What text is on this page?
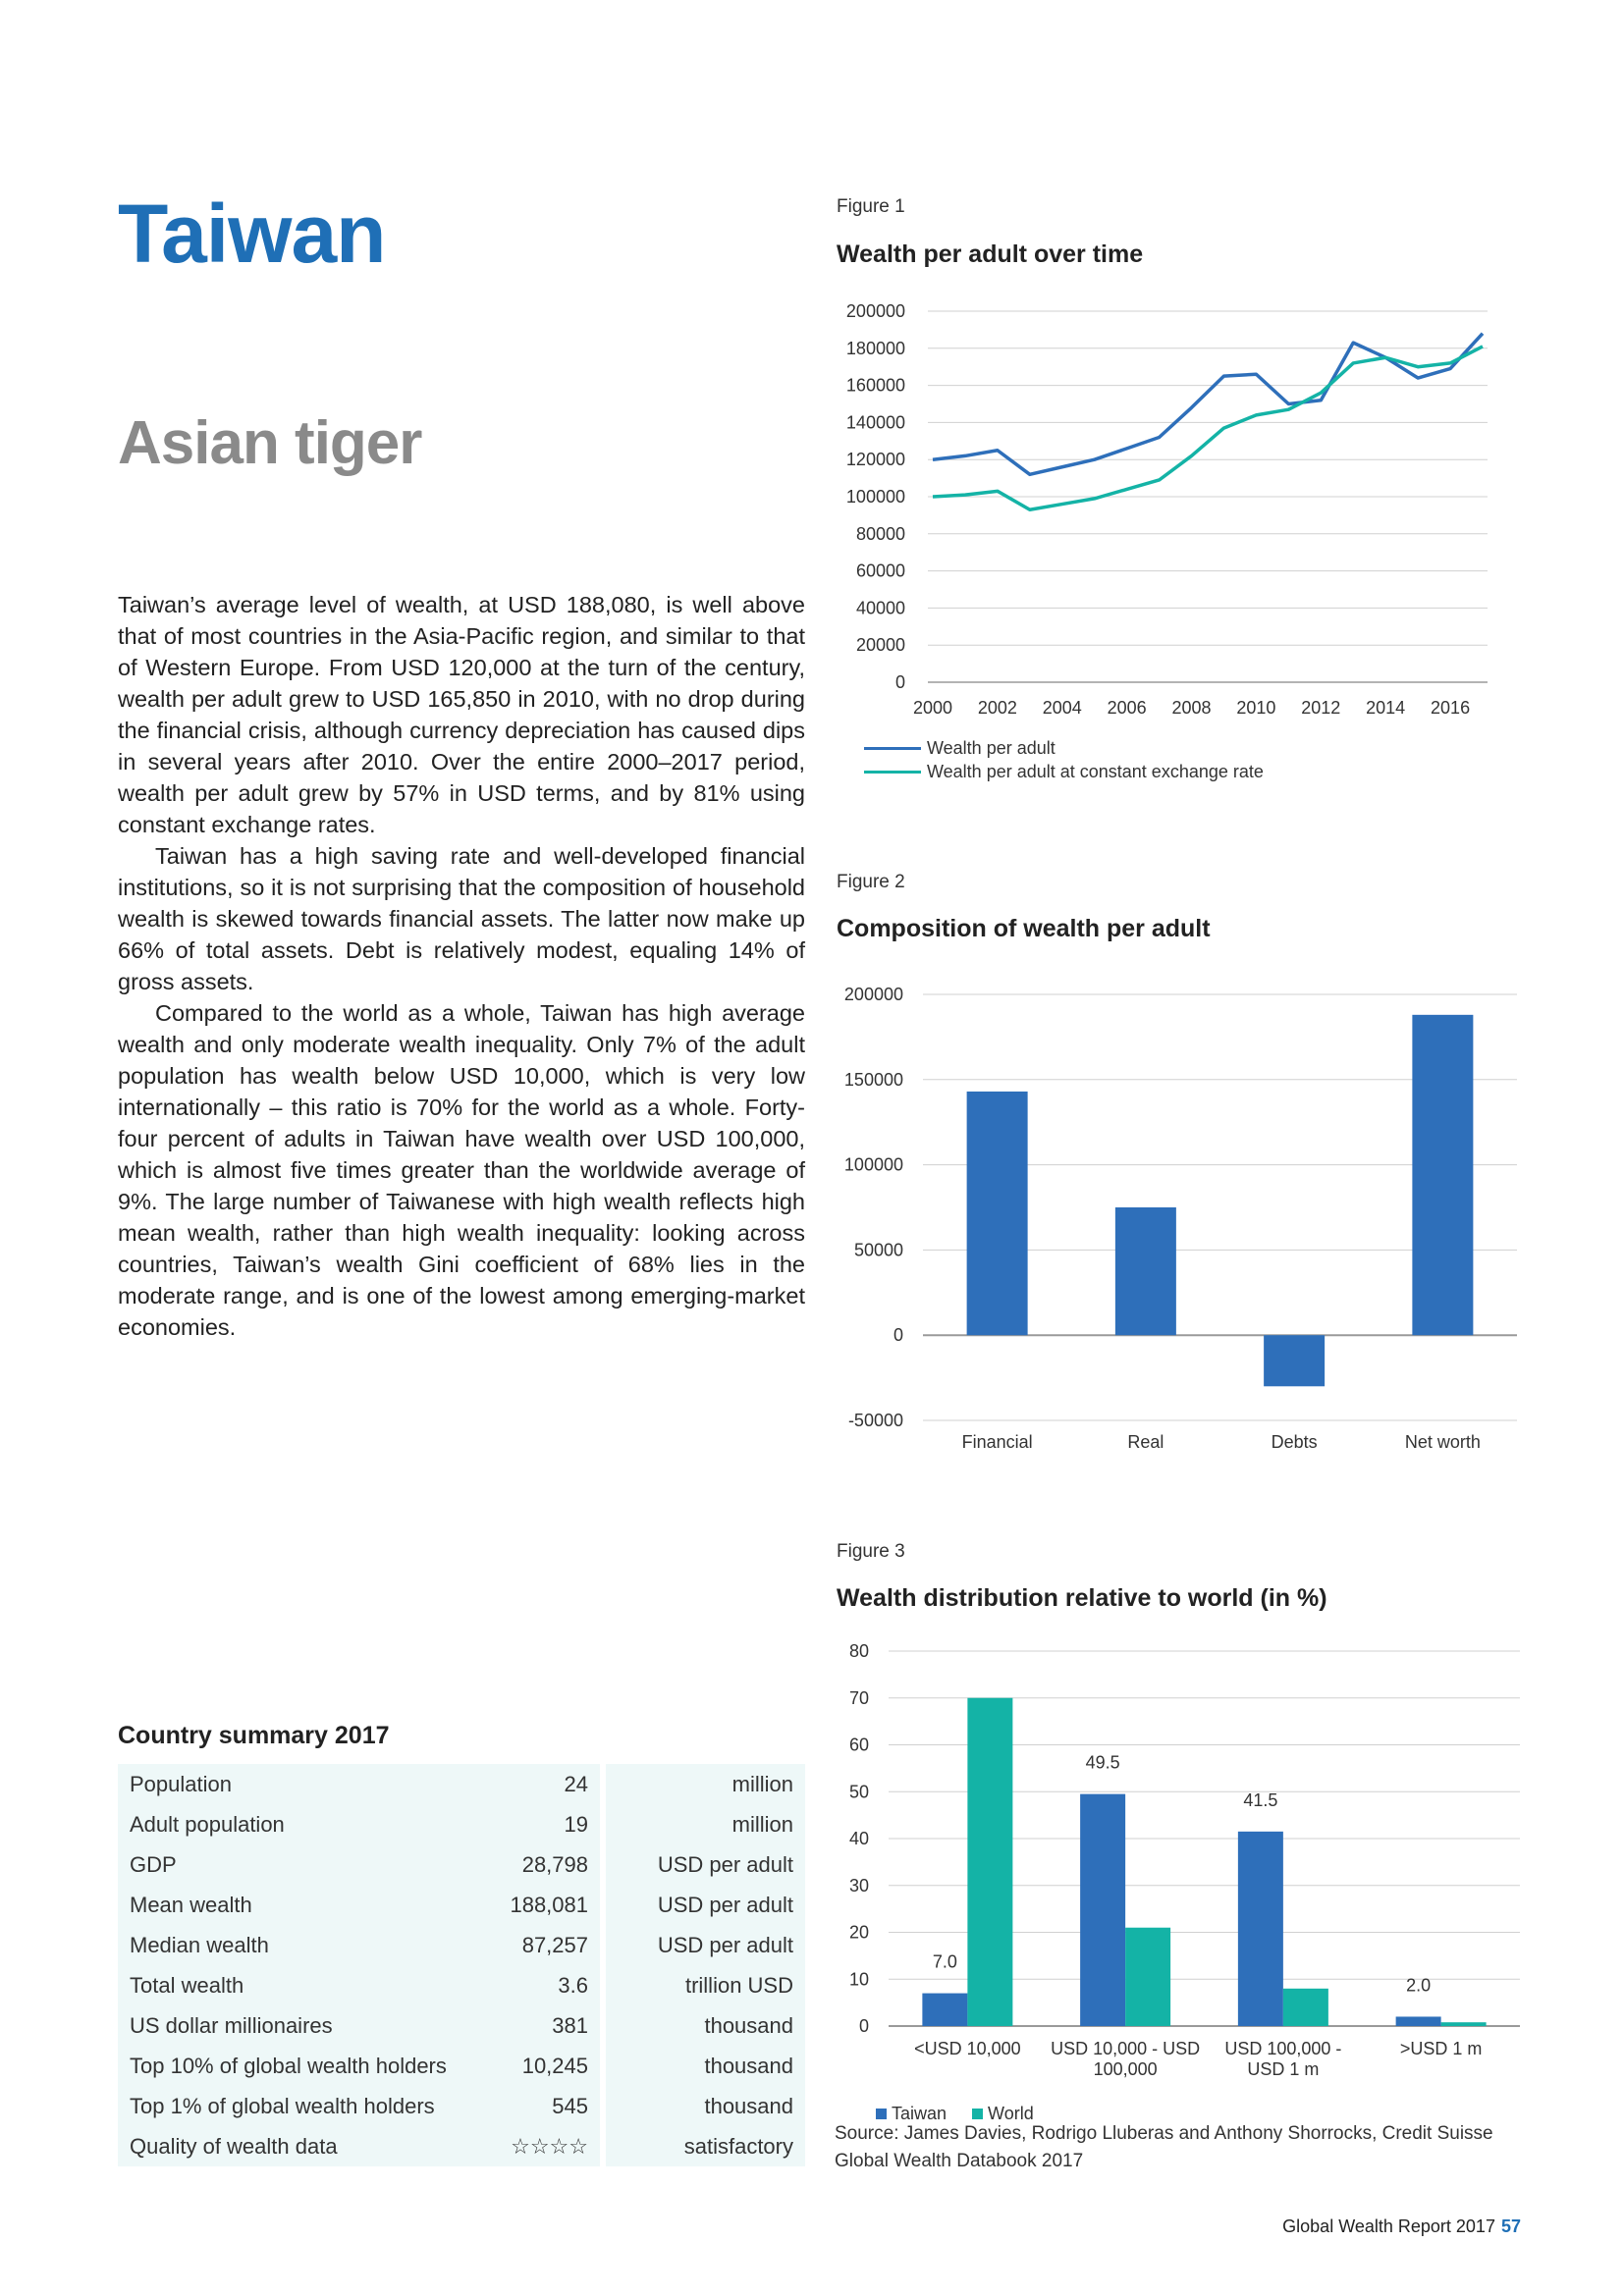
Taiwan
Asian tiger

Taiwan’s average level of wealth, at USD 188,080, is well above that of most countries in the Asia-Pacific region, and similar to that of Western Europe. From USD 120,000 at the turn of the century, wealth per adult grew to USD 165,850 in 2010, with no drop during the financial crisis, although currency depreciation has caused dips in several years after 2010. Over the entire 2000–2017 period, wealth per adult grew by 57% in USD terms, and by 81% using constant exchange rates.

Taiwan has a high saving rate and well-developed financial institutions, so it is not surprising that the composition of household wealth is skewed towards financial assets. The latter now make up 66% of total assets. Debt is relatively modest, equaling 14% of gross assets.

Compared to the world as a whole, Taiwan has high average wealth and only moderate wealth inequality. Only 7% of the adult population has wealth below USD 10,000, which is very low internationally – this ratio is 70% for the world as a whole. Forty-four percent of adults in Taiwan have wealth over USD 100,000, which is almost five times greater than the worldwide average of 9%. The large number of Taiwanese with high wealth reflects high mean wealth, rather than high wealth inequality: looking across countries, Taiwan’s wealth Gini coefficient of 68% lies in the moderate range, and is one of the lowest among emerging-market economies.

Country summary 2017
Population	24		million
Adult population	19		million
GDP	28,798		USD per adult
Mean wealth	188,081		USD per adult
Median wealth	87,257		USD per adult
Total wealth	3.6		trillion USD
US dollar millionaires	381		thousand
Top 10% of global wealth holders	10,245		thousand
Top 1% of global wealth holders	545		thousand
Quality of wealth data	☆☆☆☆		satisfactory
Figure 1
Wealth per adult over time
0
20000
40000
60000
80000
100000
120000
140000
160000
180000
200000
2000 2002 2004 2006 2008 2010 2012 2014 2016
Wealth per adult
Wealth per adult at constant exchange rate
Figure 2
Composition of wealth per adult
-50000
0
50000
100000
150000
200000
Financial	Real	Debts	Net worth
Figure 3
Wealth distribution relative to world (in %)
0
10
20
30
40
50
60
70
80
7.0
<USD 10,000
49.5
USD 10,000 - USD
100,000
41.5
USD 100,000 -
USD 1 m
2.0
>USD 1 m
Taiwan World
Source: James Davies, Rodrigo Lluberas and Anthony Shorrocks, Credit Suisse Global Wealth Databook 2017
Global Wealth Report 2017 57
